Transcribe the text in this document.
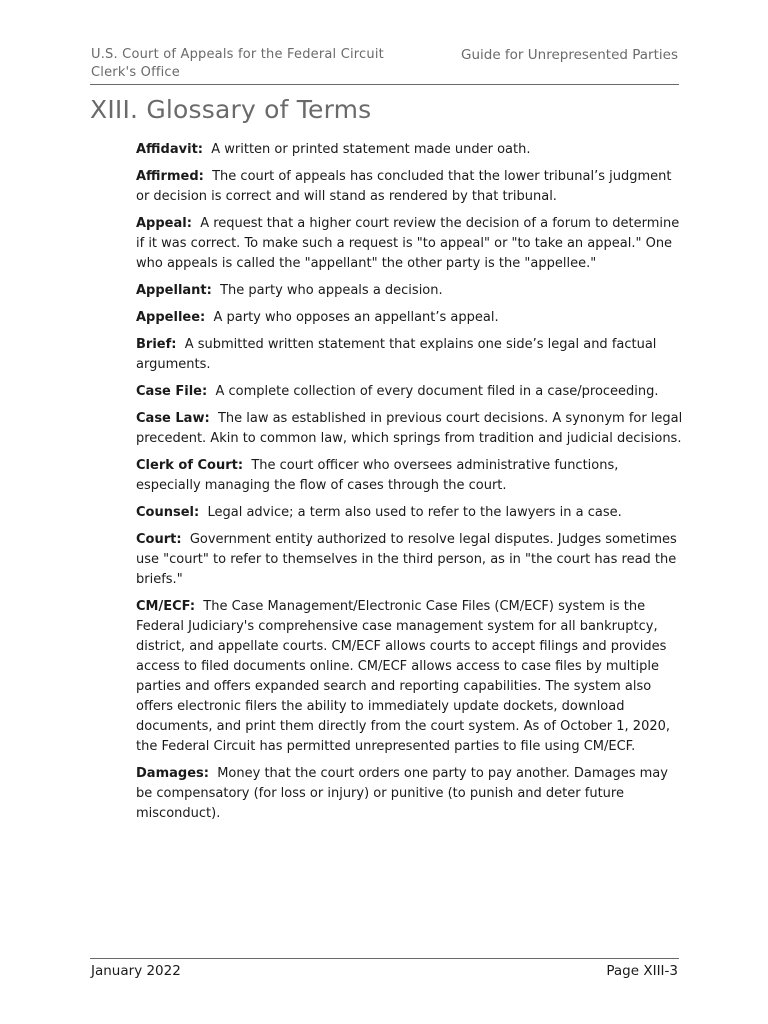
U.S. Court of Appeals for the Federal Circuit
Clerk's Office
Guide for Unrepresented Parties
XIII. Glossary of Terms

Affidavit: A written or printed statement made under oath.

Affirmed: The court of appeals has concluded that the lower tribunal’s judgment or decision is correct and will stand as rendered by that tribunal.

Appeal: A request that a higher court review the decision of a forum to determine if it was correct. To make such a request is "to appeal" or "to take an appeal." One who appeals is called the "appellant" the other party is the "appellee."

Appellant: The party who appeals a decision.

Appellee: A party who opposes an appellant’s appeal.

Brief: A submitted written statement that explains one side’s legal and factual arguments.

Case File: A complete collection of every document filed in a case/proceeding.

Case Law: The law as established in previous court decisions. A synonym for legal precedent. Akin to common law, which springs from tradition and judicial decisions.

Clerk of Court: The court officer who oversees administrative functions, especially managing the flow of cases through the court.

Counsel: Legal advice; a term also used to refer to the lawyers in a case.

Court: Government entity authorized to resolve legal disputes. Judges sometimes use "court" to refer to themselves in the third person, as in "the court has read the briefs."

CM/ECF: The Case Management/Electronic Case Files (CM/ECF) system is the Federal Judiciary's comprehensive case management system for all bankruptcy, district, and appellate courts. CM/ECF allows courts to accept filings and provides access to filed documents online. CM/ECF allows access to case files by multiple parties and offers expanded search and reporting capabilities. The system also offers electronic filers the ability to immediately update dockets, download documents, and print them directly from the court system. As of October 1, 2020, the Federal Circuit has permitted unrepresented parties to file using CM/ECF.

Damages: Money that the court orders one party to pay another. Damages may be compensatory (for loss or injury) or punitive (to punish and deter future misconduct).

January 2022	Page XIII-3
